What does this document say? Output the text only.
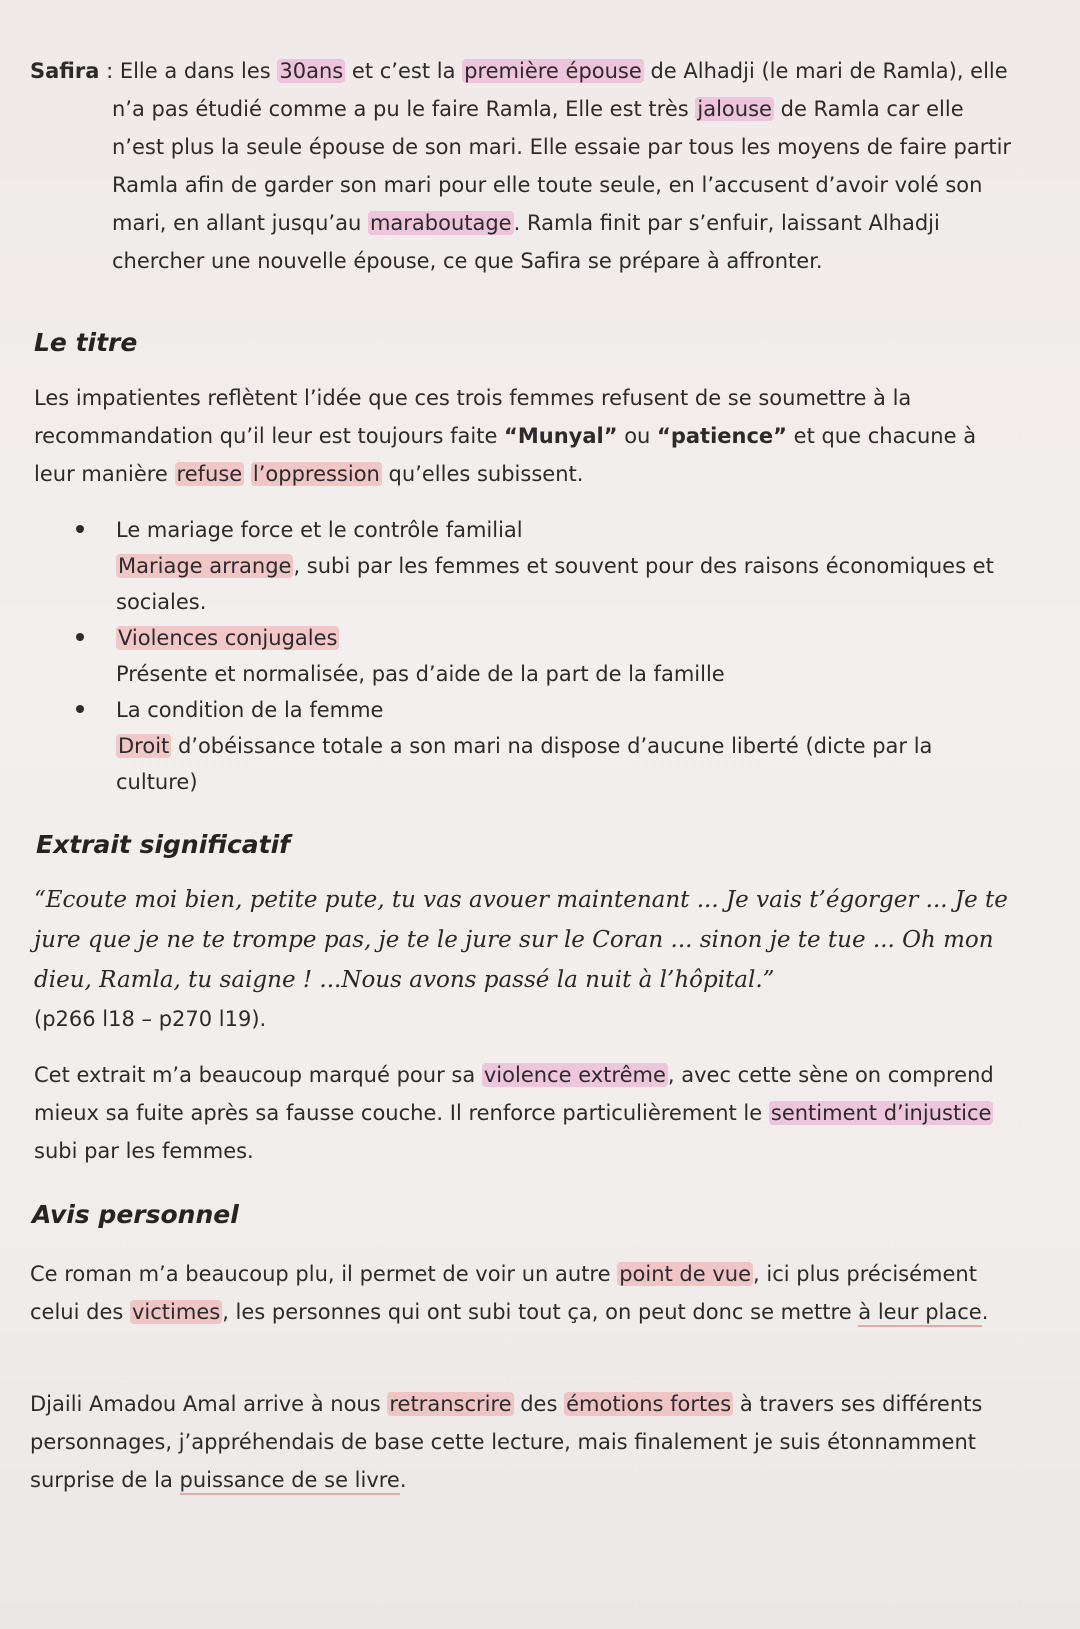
Safira : Elle a dans les 30ans et c’est la première épouse de Alhadji (le mari de Ramla), elle n’a pas étudié comme a pu le faire Ramla, Elle est très jalouse de Ramla car elle n’est plus la seule épouse de son mari. Elle essaie par tous les moyens de faire partir Ramla afin de garder son mari pour elle toute seule, en l’accusent d’avoir volé son mari, en allant jusqu’au maraboutage. Ramla finit par s’enfuir, laissant Alhadji chercher une nouvelle épouse, ce que Safira se prépare à affronter.

Le titre

Les impatientes reflètent l’idée que ces trois femmes refusent de se soumettre à la recommandation qu’il leur est toujours faite “Munyal” ou “patience” et que chacune à leur manière refuse l’oppression qu’elles subissent.

Le mariage force et le contrôle familial
Mariage arrange, subi par les femmes et souvent pour des raisons économiques et sociales.
Violences conjugales
Présente et normalisée, pas d’aide de la part de la famille
La condition de la femme
Droit d’obéissance totale a son mari na dispose d’aucune liberté (dicte par la culture)
Extrait significatif

“Ecoute moi bien, petite pute, tu vas avouer maintenant ... Je vais t’égorger ... Je te jure que je ne te trompe pas, je te le jure sur le Coran ... sinon je te tue ... Oh mon dieu, Ramla, tu saigne ! ...Nous avons passé la nuit à l’hôpital.”

(p266 l18 – p270 l19).

Cet extrait m’a beaucoup marqué pour sa violence extrême, avec cette sène on comprend mieux sa fuite après sa fausse couche. Il renforce particulièrement le sentiment d’injustice subi par les femmes.

Avis personnel

Ce roman m’a beaucoup plu, il permet de voir un autre point de vue, ici plus précisément celui des victimes, les personnes qui ont subi tout ça, on peut donc se mettre à leur place.

Djaili Amadou Amal arrive à nous retranscrire des émotions fortes à travers ses différents personnages, j’appréhendais de base cette lecture, mais finalement je suis étonnamment surprise de la puissance de se livre.
